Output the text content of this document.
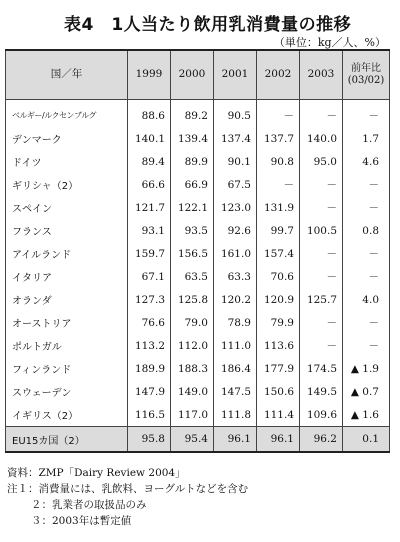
表4　1人当たり飲用乳消費量の推移
（単位：kg／人、%）
国／年	1999	2000	2001	2002	2003	前年比
(03/02)

ベルギー/ルクセンブルグ	88.6	89.2	90.5	－	－	－
デンマーク	140.1	139.4	137.4	137.7	140.0	1.7
ドイツ	89.4	89.9	90.1	90.8	95.0	4.6
ギリシャ（2）	66.6	66.9	67.5	－	－	－
スペイン	121.7	122.1	123.0	131.9	－	－
フランス	93.1	93.5	92.6	99.7	100.5	0.8
アイルランド	159.7	156.5	161.0	157.4	－	－
イタリア	67.1	63.5	63.3	70.6	－	－
オランダ	127.3	125.8	120.2	120.9	125.7	4.0
オーストリア	76.6	79.0	78.9	79.9	－	－
ポルトガル	113.2	112.0	111.0	113.6	－	－
フィンランド	189.9	188.3	186.4	177.9	174.5	▲ 1.9
スウェーデン	147.9	149.0	147.5	150.6	149.5	▲ 0.7
イギリス（2）	116.5	117.0	111.8	111.4	109.6	▲ 1.6
EU15カ国（2）	95.8	95.4	96.1	96.1	96.2	0.1
資料：ZMP「Dairy Review 2004」
注１：消費量には、乳飲料、ヨーグルトなどを含む
２：乳業者の取扱品のみ
３：2003年は暫定値
